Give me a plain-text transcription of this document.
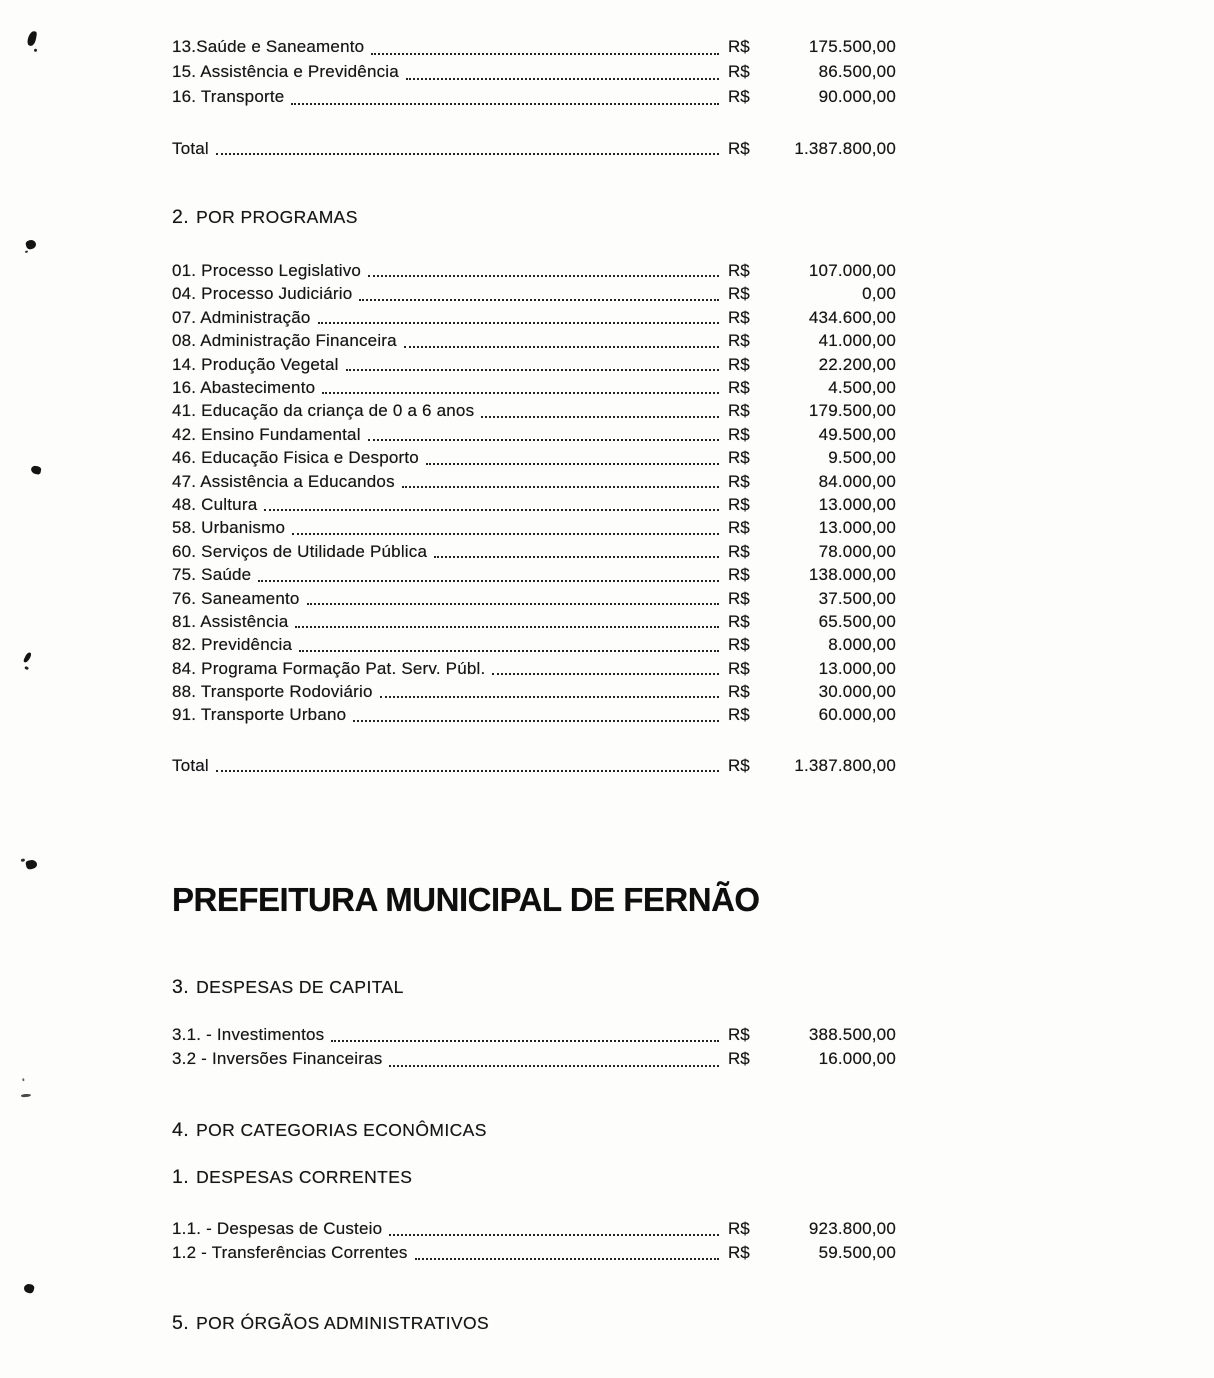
13.Saúde e Saneamento	R$	175.500,00
15. Assistência e Previdência	R$	86.500,00
16. Transporte	R$	90.000,00
Total	R$	1.387.800,00
2. POR PROGRAMAS
01. Processo Legislativo	R$	107.000,00
04. Processo Judiciário	R$	0,00
07. Administração	R$	434.600,00
08. Administração Financeira	R$	41.000,00
14. Produção Vegetal	R$	22.200,00
16. Abastecimento	R$	4.500,00
41. Educação da criança de 0 a 6 anos	R$	179.500,00
42. Ensino Fundamental	R$	49.500,00
46. Educação Fisica e Desporto	R$	9.500,00
47. Assistência a Educandos	R$	84.000,00
48. Cultura	R$	13.000,00
58. Urbanismo	R$	13.000,00
60. Serviços de Utilidade Pública	R$	78.000,00
75. Saúde	R$	138.000,00
76. Saneamento	R$	37.500,00
81. Assistência	R$	65.500,00
82. Previdência	R$	8.000,00
84. Programa Formação Pat. Serv. Públ.	R$	13.000,00
88. Transporte Rodoviário	R$	30.000,00
91. Transporte Urbano	R$	60.000,00
Total	R$	1.387.800,00
PREFEITURA MUNICIPAL DE FERNÃO
3. DESPESAS DE CAPITAL
3.1. - Investimentos	R$	388.500,00
3.2 - Inversões Financeiras	R$	16.000,00
4. POR CATEGORIAS ECONÔMICAS
1. DESPESAS CORRENTES
1.1. - Despesas de Custeio	R$	923.800,00
1.2 - Transferências Correntes	R$	59.500,00
5. POR ÓRGÃOS ADMINISTRATIVOS
